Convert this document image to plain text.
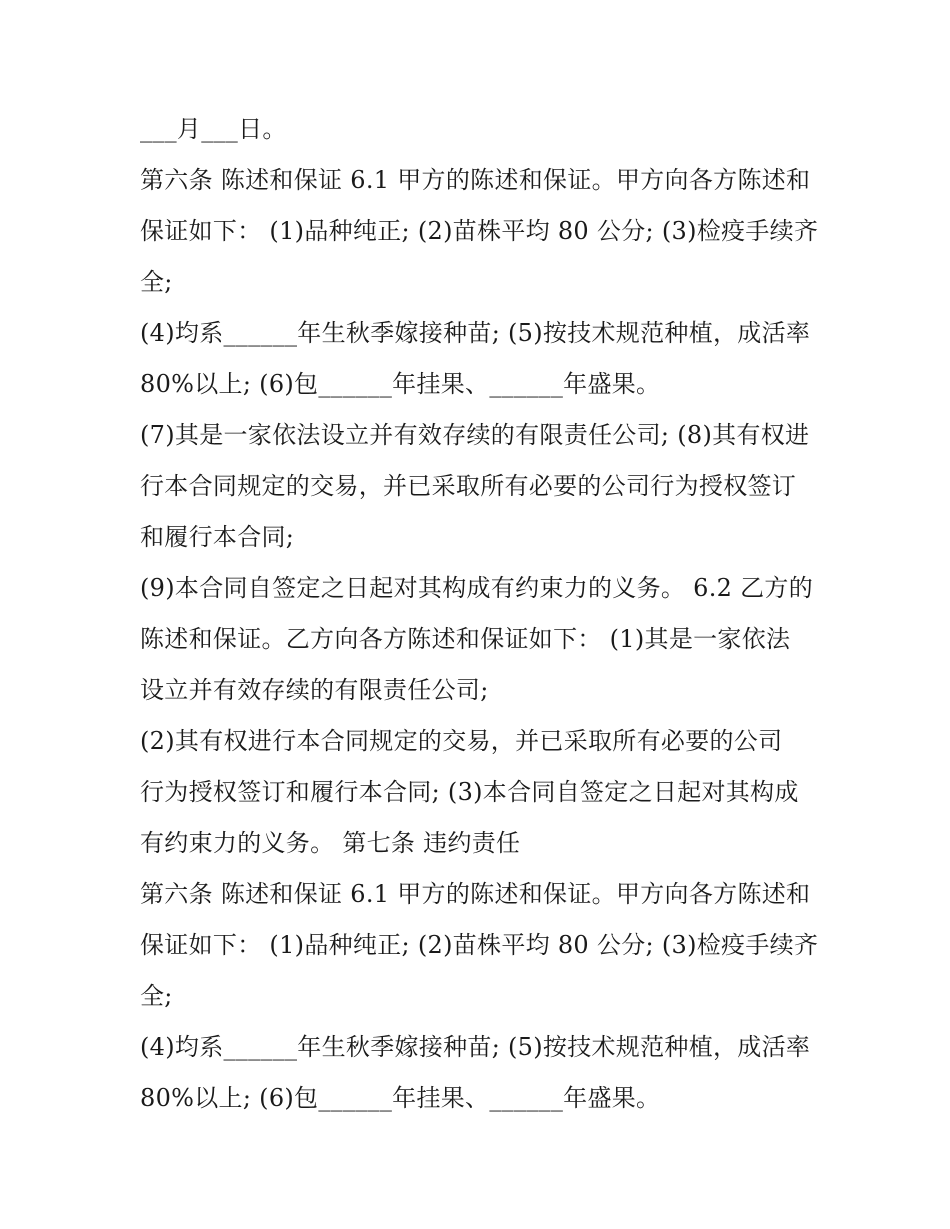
___月___日。
第六条 陈述和保证 6.1 甲方的陈述和保证。甲方向各方陈述和
保证如下： (1)品种纯正; (2)苗株平均 80 公分; (3)检疫手续齐
全;
(4)均系______年生秋季嫁接种苗; (5)按技术规范种植，成活率
80%以上; (6)包______年挂果、______年盛果。
(7)其是一家依法设立并有效存续的有限责任公司; (8)其有权进
行本合同规定的交易，并已采取所有必要的公司行为授权签订
和履行本合同;
(9)本合同自签定之日起对其构成有约束力的义务。 6.2 乙方的
陈述和保证。乙方向各方陈述和保证如下： (1)其是一家依法
设立并有效存续的有限责任公司;
(2)其有权进行本合同规定的交易，并已采取所有必要的公司
行为授权签订和履行本合同; (3)本合同自签定之日起对其构成
有约束力的义务。 第七条 违约责任
第六条 陈述和保证 6.1 甲方的陈述和保证。甲方向各方陈述和
保证如下： (1)品种纯正; (2)苗株平均 80 公分; (3)检疫手续齐
全;
(4)均系______年生秋季嫁接种苗; (5)按技术规范种植，成活率
80%以上; (6)包______年挂果、______年盛果。
